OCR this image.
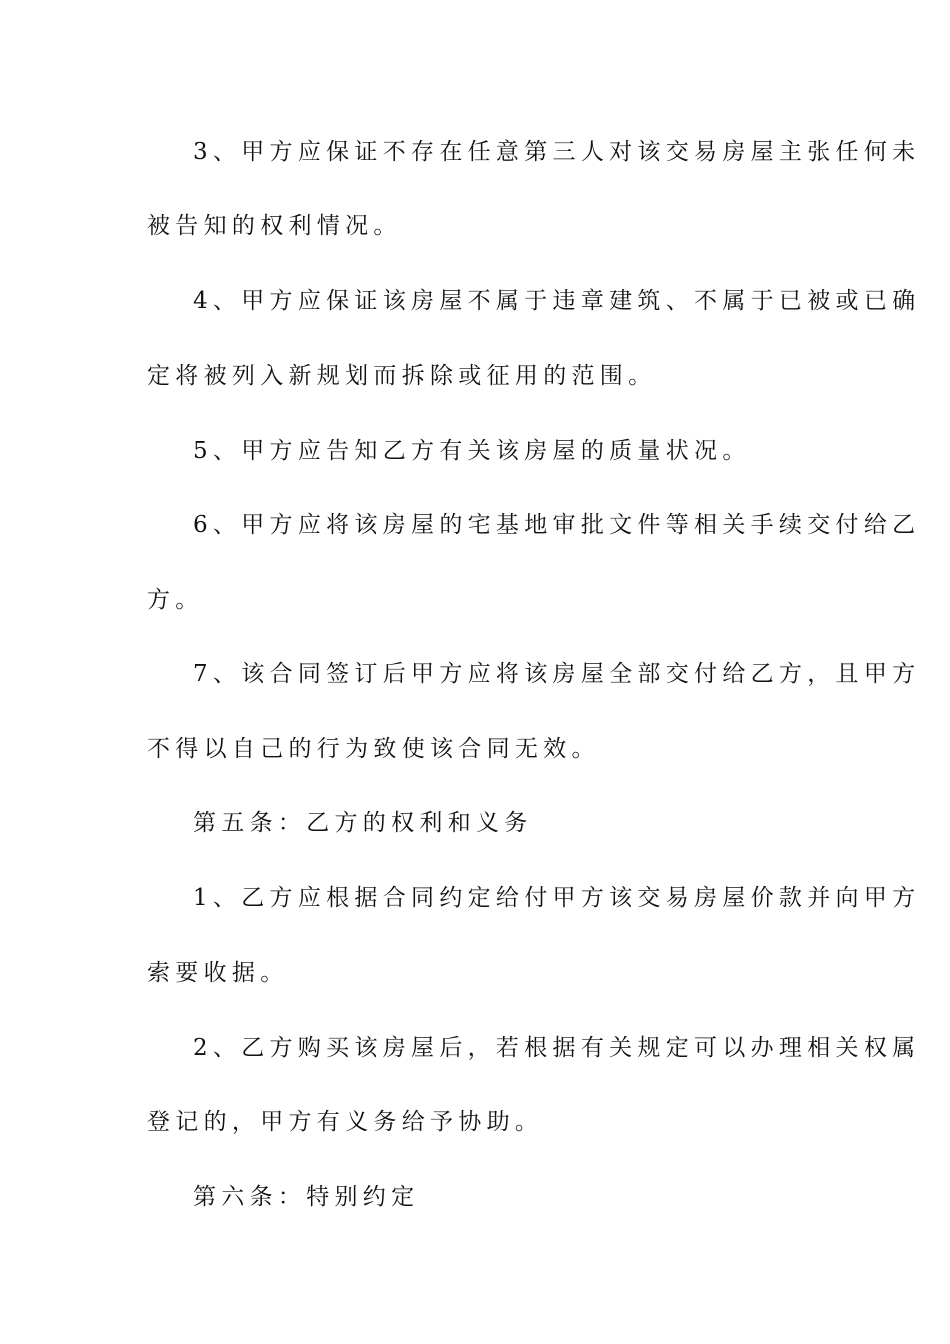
3、甲方应保证不存在任意第三人对该交易房屋主张任何未
被告知的权利情况。
4、甲方应保证该房屋不属于违章建筑、不属于已被或已确
定将被列入新规划而拆除或征用的范围。
5、甲方应告知乙方有关该房屋的质量状况。
6、甲方应将该房屋的宅基地审批文件等相关手续交付给乙
方。
7、该合同签订后甲方应将该房屋全部交付给乙方，且甲方
不得以自己的行为致使该合同无效。
第五条：乙方的权利和义务
1、乙方应根据合同约定给付甲方该交易房屋价款并向甲方
索要收据。
2、乙方购买该房屋后，若根据有关规定可以办理相关权属
登记的，甲方有义务给予协助。
第六条：特别约定
